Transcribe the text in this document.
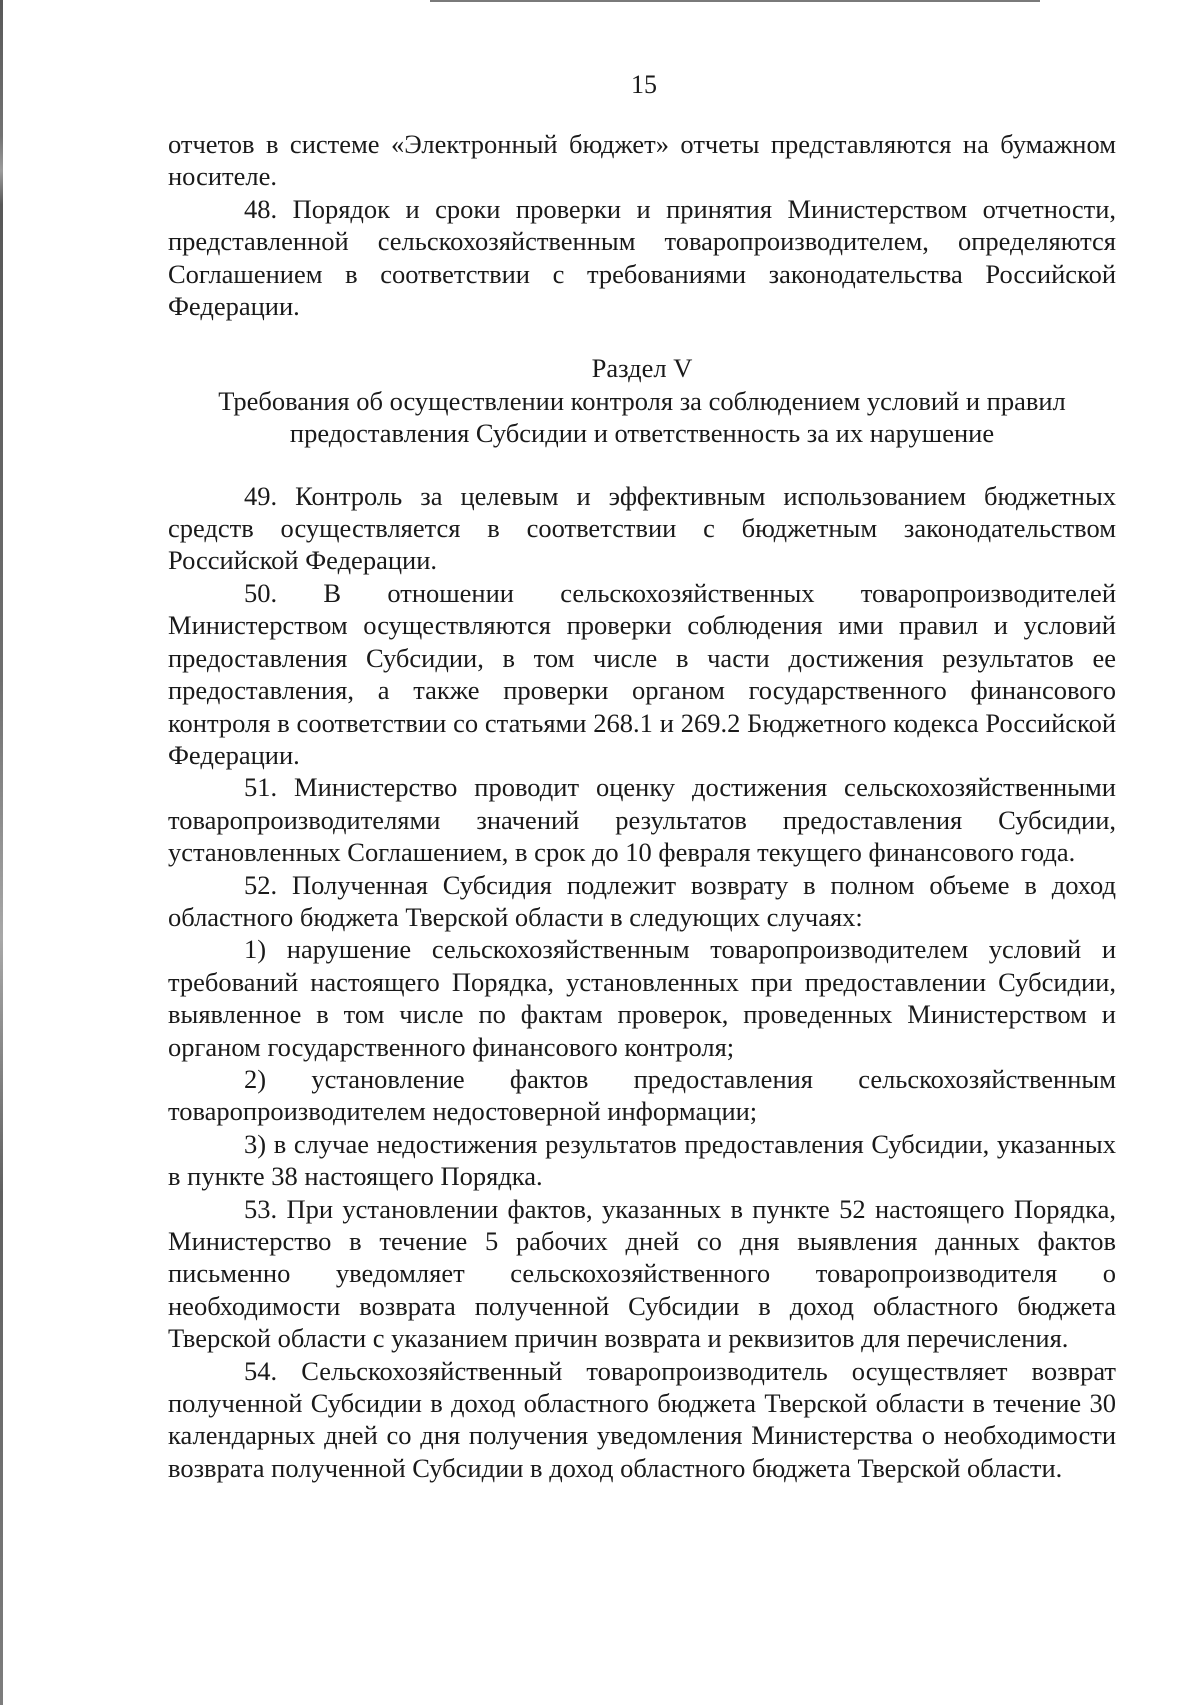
15

отчетов в системе «Электронный бюджет» отчеты представляются на бумажном носителе.

48. Порядок и сроки проверки и принятия Министерством отчетности, представленной сельскохозяйственным товаропроизводителем, определяются Соглашением в соответствии с требованиями законодательства Российской Федерации.

Раздел V

Требования об осуществлении контроля за соблюдением условий и правил

предоставления Субсидии и ответственность за их нарушение

49. Контроль за целевым и эффективным использованием бюджетных средств осуществляется в соответствии с бюджетным законодательством Российской Федерации.

50. В отношении сельскохозяйственных товаропроизводителей Министерством осуществляются проверки соблюдения ими правил и условий предоставления Субсидии, в том числе в части достижения результатов ее предоставления, а также проверки органом государственного финансового контроля в соответствии со статьями 268.1 и 269.2 Бюджетного кодекса Российской Федерации.

51. Министерство проводит оценку достижения сельскохозяйственными товаропроизводителями значений результатов предоставления Субсидии, установленных Соглашением, в срок до 10 февраля текущего финансового года.

52. Полученная Субсидия подлежит возврату в полном объеме в доход областного бюджета Тверской области в следующих случаях:

1) нарушение сельскохозяйственным товаропроизводителем условий и требований настоящего Порядка, установленных при предоставлении Субсидии, выявленное в том числе по фактам проверок, проведенных Министерством и органом государственного финансового контроля;

2) установление фактов предоставления сельскохозяйственным товаропроизводителем недостоверной информации;

3) в случае недостижения результатов предоставления Субсидии, указанных в пункте 38 настоящего Порядка.

53. При установлении фактов, указанных в пункте 52 настоящего Порядка, Министерство в течение 5 рабочих дней со дня выявления данных фактов письменно уведомляет сельскохозяйственного товаропроизводителя о необходимости возврата полученной Субсидии в доход областного бюджета Тверской области с указанием причин возврата и реквизитов для перечисления.

54. Сельскохозяйственный товаропроизводитель осуществляет возврат полученной Субсидии в доход областного бюджета Тверской области в течение 30 календарных дней со дня получения уведомления Министерства о необходимости возврата полученной Субсидии в доход областного бюджета Тверской области.
